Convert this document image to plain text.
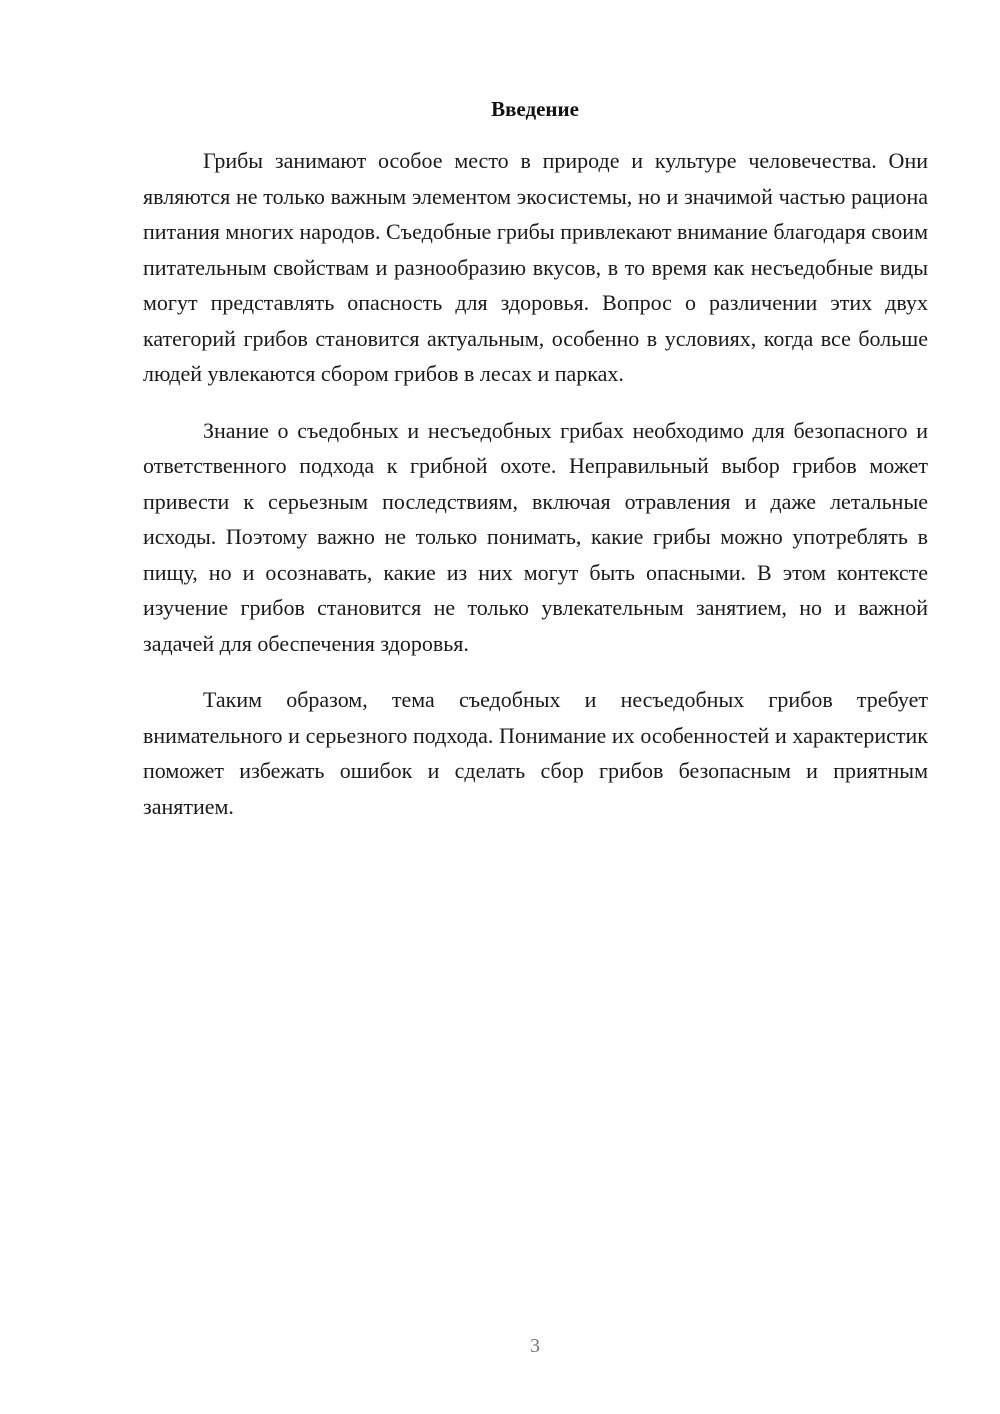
Введение

Грибы занимают особое место в природе и культуре человечества. Они являются не только важным элементом экосистемы, но и значимой частью рациона питания многих народов. Съедобные грибы привлекают внимание благодаря своим питательным свойствам и разнообразию вкусов, в то время как несъедобные виды могут представлять опасность для здоровья. Вопрос о различении этих двух категорий грибов становится актуальным, особенно в условиях, когда все больше людей увлекаются сбором грибов в лесах и парках.

Знание о съедобных и несъедобных грибах необходимо для безопасного и ответственного подхода к грибной охоте. Неправильный выбор грибов может привести к серьезным последствиям, включая отравления и даже летальные исходы. Поэтому важно не только понимать, какие грибы можно употреблять в пищу, но и осознавать, какие из них могут быть опасными. В этом контексте изучение грибов становится не только увлекательным занятием, но и важной задачей для обеспечения здоровья.

Таким образом, тема съедобных и несъедобных грибов требует внимательного и серьезного подхода. Понимание их особенностей и характеристик поможет избежать ошибок и сделать сбор грибов безопасным и приятным занятием.

3
